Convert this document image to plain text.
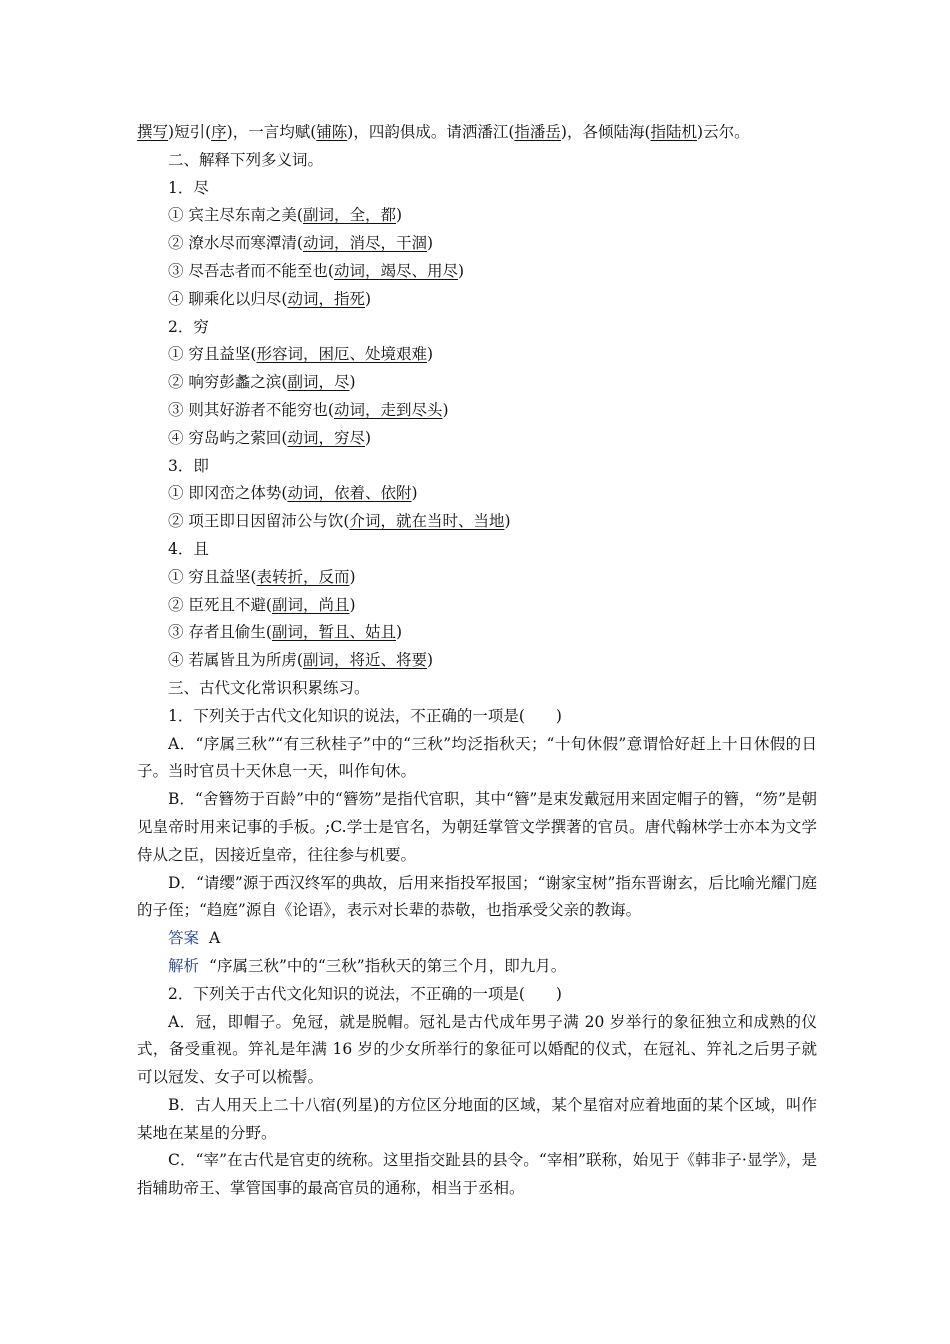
撰写)短引(序)，一言均赋(铺陈)，四韵俱成。请洒潘江(指潘岳)，各倾陆海(指陆机)云尔。
二、解释下列多义词。
1．尽
① 宾主尽东南之美(副词，全，都)
② 潦水尽而寒潭清(动词，消尽，干涸)
③ 尽吾志者而不能至也(动词，竭尽、用尽)
④ 聊乘化以归尽(动词，指死)
2．穷
① 穷且益坚(形容词，困厄、处境艰难)
② 响穷彭蠡之滨(副词，尽)
③ 则其好游者不能穷也(动词，走到尽头)
④ 穷岛屿之萦回(动词，穷尽)
3．即
① 即冈峦之体势(动词，依着、依附)
② 项王即日因留沛公与饮(介词，就在当时、当地)
4．且
① 穷且益坚(表转折，反而)
② 臣死且不避(副词，尚且)
③ 存者且偷生(副词，暂且、姑且)
④ 若属皆且为所虏(副词，将近、将要)
三、古代文化常识积累练习。
1．下列关于古代文化知识的说法，不正确的一项是(　　)
A．“序属三秋”“有三秋桂子”中的“三秋”均泛指秋天；“十旬休假”意谓恰好赶上十日休假的日子。当时官员十天休息一天，叫作旬休。
B．“舍簪笏于百龄”中的“簪笏”是指代官职，其中“簪”是束发戴冠用来固定帽子的簪，“笏”是朝见皇帝时用来记事的手板。;C.学士是官名，为朝廷掌管文学撰著的官员。唐代翰林学士亦本为文学侍从之臣，因接近皇帝，往往参与机要。
D．“请缨”源于西汉终军的典故，后用来指投军报国；“谢家宝树”指东晋谢玄，后比喻光耀门庭的子侄；“趋庭”源自《论语》，表示对长辈的恭敬，也指承受父亲的教诲。
答案 A
解析 “序属三秋”中的“三秋”指秋天的第三个月，即九月。
2．下列关于古代文化知识的说法，不正确的一项是(　　)
A．冠，即帽子。免冠，就是脱帽。冠礼是古代成年男子满 20 岁举行的象征独立和成熟的仪式，备受重视。笄礼是年满 16 岁的少女所举行的象征可以婚配的仪式，在冠礼、笄礼之后男子就可以冠发、女子可以梳髻。
B．古人用天上二十八宿(列星)的方位区分地面的区域，某个星宿对应着地面的某个区域，叫作某地在某星的分野。
C．“宰”在古代是官吏的统称。这里指交趾县的县令。“宰相”联称，始见于《韩非子·显学》，是指辅助帝王、掌管国事的最高官员的通称，相当于丞相。
